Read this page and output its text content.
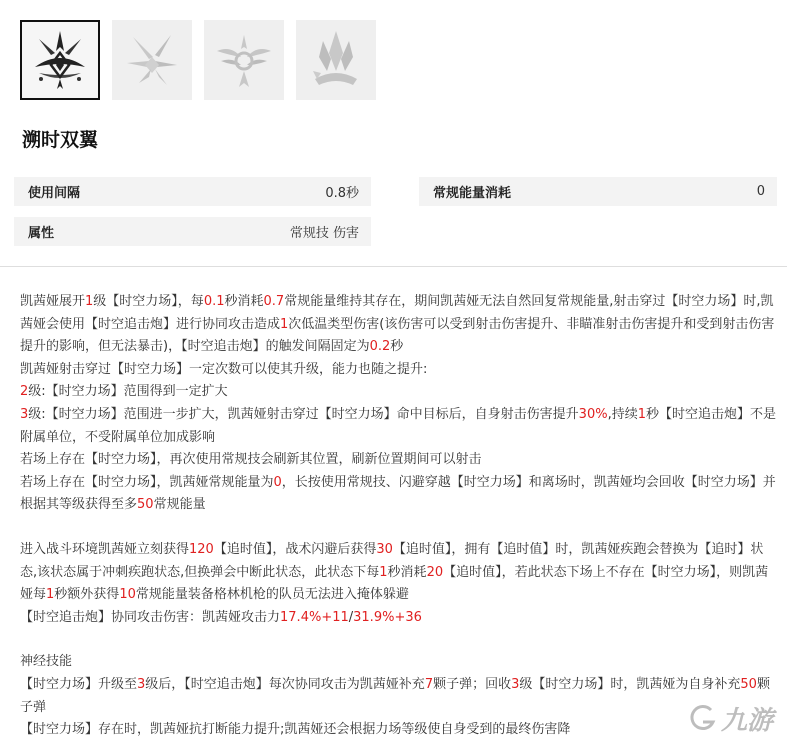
溯时双翼
使用间隔	0.8秒	常规能量消耗	0
属性	常规技 伤害

凯茜娅展开1级【时空力场】，每0.1秒消耗0.7常规能量维持其存在，期间凯茜娅无法自然回复常规能量,射击穿过【时空力场】时,凯茜娅会使用【时空追击炮】进行协同攻击造成1次低温类型伤害(该伤害可以受到射击伤害提升、非瞄准射击伤害提升和受到射击伤害提升的影响，但无法暴击)，【时空追击炮】的触发间隔固定为0.2秒

凯茜娅射击穿过【时空力场】一定次数可以使其升级，能力也随之提升:

2级:【时空力场】范围得到一定扩大

3级:【时空力场】范围进一步扩大，凯茜娅射击穿过【时空力场】命中目标后，自身射击伤害提升30%,持续1秒【时空追击炮】不是附属单位，不受附属单位加成影响

若场上存在【时空力场】，再次使用常规技会刷新其位置，刷新位置期间可以射击

若场上存在【时空力场】，凯茜娅常规能量为0，长按使用常规技、闪避穿越【时空力场】和离场时，凯茜娅均会回收【时空力场】并根据其等级获得至多50常规能量

进入战斗环境凯茜娅立刻获得120【追时值】，战术闪避后获得30【追时值】，拥有【追时值】时，凯茜娅疾跑会替换为【追时】状态,该状态属于冲刺疾跑状态,但换弹会中断此状态，此状态下每1秒消耗20【追时值】，若此状态下场上不存在【时空力场】，则凯茜娅每1秒额外获得10常规能量装备格林机枪的队员无法进入掩体躲避

【时空追击炮】协同攻击伤害：凯茜娅攻击力17.4%+11/31.9%+36

神经技能

【时空力场】升级至3级后，【时空追击炮】每次协同攻击为凯茜娅补充7颗子弹；回收3级【时空力场】时，凯茜娅为自身补充50颗子弹

【时空力场】存在时，凯茜娅抗打断能力提升;凯茜娅还会根据力场等级使自身受到的最终伤害降	九游
